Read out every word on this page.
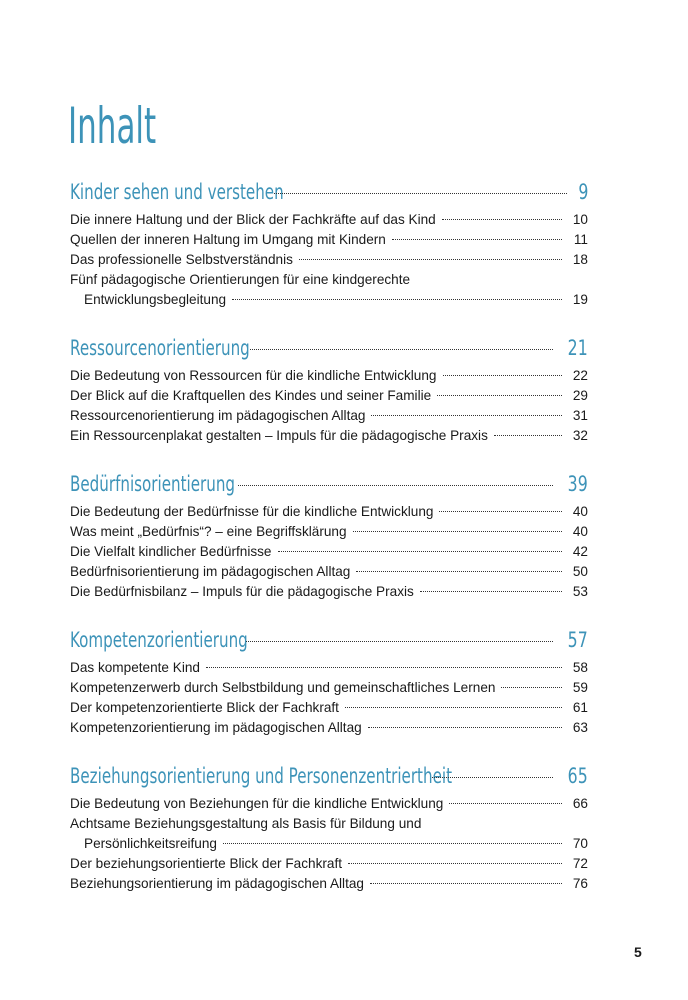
Inhalt
Kinder sehen und verstehen	9
Die innere Haltung und der Blick der Fachkräfte auf das Kind	10
Quellen der inneren Haltung im Umgang mit Kindern	11
Das professionelle Selbstverständnis	18
Fünf pädagogische Orientierungen für eine kindgerechte
Entwicklungsbegleitung	19
Ressourcenorientierung	21
Die Bedeutung von Ressourcen für die kindliche Entwicklung	22
Der Blick auf die Kraftquellen des Kindes und seiner Familie	29
Ressourcenorientierung im pädagogischen Alltag	31
Ein Ressourcenplakat gestalten – Impuls für die pädagogische Praxis	32
Bedürfnisorientierung	39
Die Bedeutung der Bedürfnisse für die kindliche Entwicklung	40
Was meint „Bedürfnis“? – eine Begriffsklärung	40
Die Vielfalt kindlicher Bedürfnisse	42
Bedürfnisorientierung im pädagogischen Alltag	50
Die Bedürfnisbilanz – Impuls für die pädagogische Praxis	53
Kompetenzorientierung	57
Das kompetente Kind	58
Kompetenzerwerb durch Selbstbildung und gemeinschaftliches Lernen	59
Der kompetenzorientierte Blick der Fachkraft	61
Kompetenzorientierung im pädagogischen Alltag	63
Beziehungsorientierung und Personenzentriertheit	65
Die Bedeutung von Beziehungen für die kindliche Entwicklung	66
Achtsame Beziehungsgestaltung als Basis für Bildung und
Persönlichkeitsreifung	70
Der beziehungsorientierte Blick der Fachkraft	72
Beziehungsorientierung im pädagogischen Alltag	76
5
